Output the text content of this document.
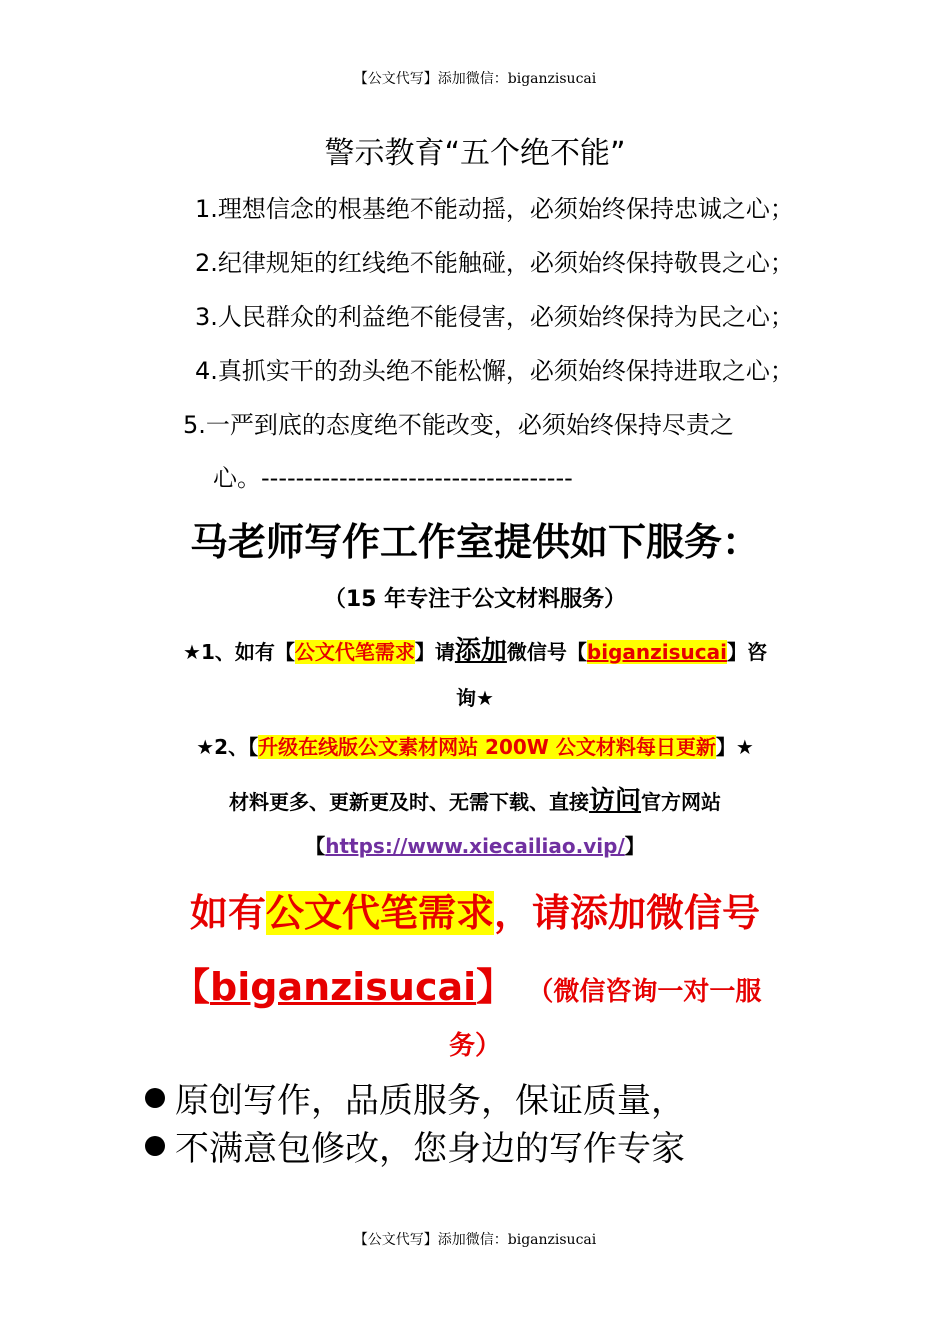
【公文代写】添加微信：biganzisucai
警示教育“五个绝不能”
1.理想信念的根基绝不能动摇，必须始终保持忠诚之心；
2.纪律规矩的红线绝不能触碰，必须始终保持敬畏之心；
3.人民群众的利益绝不能侵害，必须始终保持为民之心；
4.真抓实干的劲头绝不能松懈，必须始终保持进取之心；
5.一严到底的态度绝不能改变，必须始终保持尽责之
心。------------------------------------
马老师写作工作室提供如下服务：
（15 年专注于公文材料服务）
★1、如有【公文代笔需求】请添加微信号【biganzisucai】咨
询★
★2、【升级在线版公文素材网站 200W 公文材料每日更新】★
材料更多、更新更及时、无需下载、直接访问官方网站
【https://www.xiecailiao.vip/】
如有公文代笔需求，请添加微信号
【biganzisucai】 （微信咨询一对一服
务）
原创写作，品质服务，保证质量，
不满意包修改，您身边的写作专家
【公文代写】添加微信：biganzisucai
